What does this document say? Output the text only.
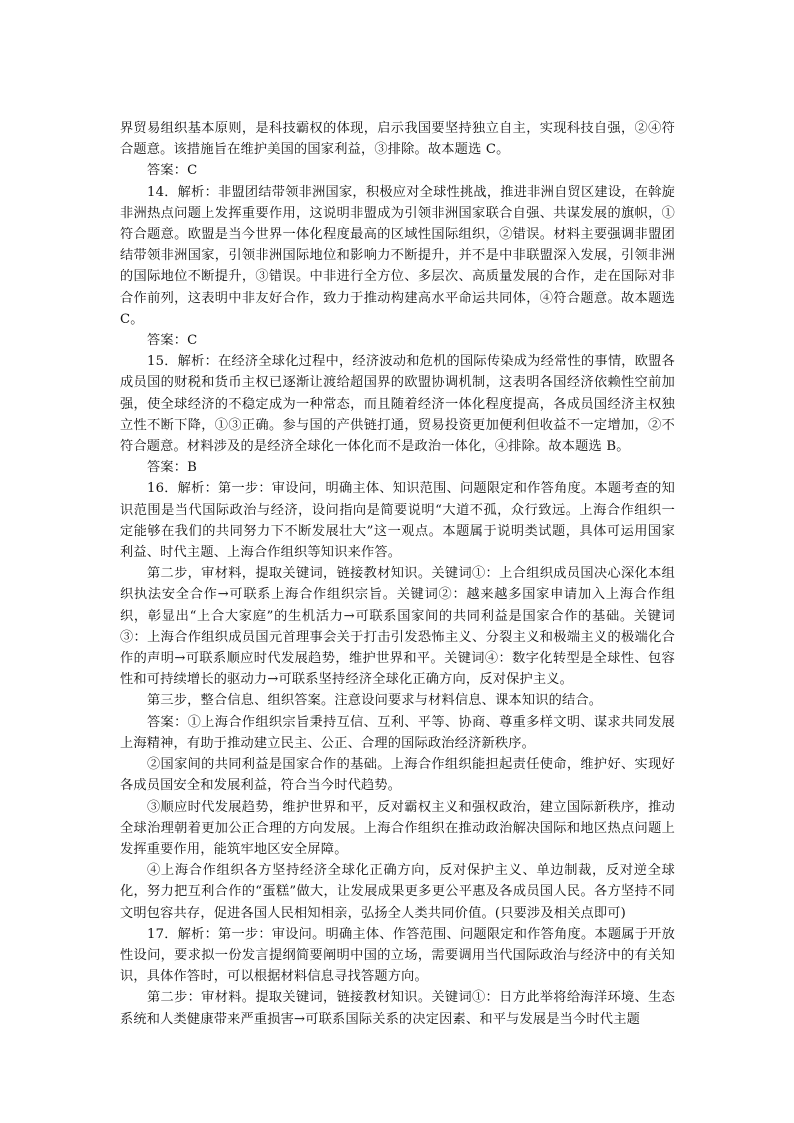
界贸易组织基本原则，是科技霸权的体现，启示我国要坚持独立自主，实现科技自强，②④符合题意。该措施旨在维护美国的国家利益，③排除。故本题选 C。

答案：C

14．解析：非盟团结带领非洲国家，积极应对全球性挑战，推进非洲自贸区建设，在斡旋非洲热点问题上发挥重要作用，这说明非盟成为引领非洲国家联合自强、共谋发展的旗帜，①符合题意。欧盟是当今世界一体化程度最高的区域性国际组织，②错误。材料主要强调非盟团结带领非洲国家，引领非洲国际地位和影响力不断提升，并不是中非联盟深入发展，引领非洲的国际地位不断提升，③错误。中非进行全方位、多层次、高质量发展的合作，走在国际对非合作前列，这表明中非友好合作，致力于推动构建高水平命运共同体，④符合题意。故本题选 C。

答案：C

15．解析：在经济全球化过程中，经济波动和危机的国际传染成为经常性的事情，欧盟各成员国的财税和货币主权已逐渐让渡给超国界的欧盟协调机制，这表明各国经济依赖性空前加强，使全球经济的不稳定成为一种常态，而且随着经济一体化程度提高，各成员国经济主权独立性不断下降，①③正确。参与国的产供链打通，贸易投资更加便利但收益不一定增加，②不符合题意。材料涉及的是经济全球化一体化而不是政治一体化，④排除。故本题选 B。

答案：B

16．解析：第一步：审设问，明确主体、知识范围、问题限定和作答角度。本题考查的知识范围是当代国际政治与经济，设问指向是简要说明“大道不孤，众行致远。上海合作组织一定能够在我们的共同努力下不断发展壮大”这一观点。本题属于说明类试题，具体可运用国家利益、时代主题、上海合作组织等知识来作答。

第二步，审材料，提取关键词，链接教材知识。关键词①：上合组织成员国决心深化本组织执法安全合作→可联系上海合作组织宗旨。关键词②：越来越多国家申请加入上海合作组织，彰显出“上合大家庭”的生机活力→可联系国家间的共同利益是国家合作的基础。关键词③：上海合作组织成员国元首理事会关于打击引发恐怖主义、分裂主义和极端主义的极端化合作的声明→可联系顺应时代发展趋势，维护世界和平。关键词④：数字化转型是全球性、包容性和可持续增长的驱动力→可联系坚持经济全球化正确方向，反对保护主义。

第三步，整合信息、组织答案。注意设问要求与材料信息、课本知识的结合。

答案：①上海合作组织宗旨秉持互信、互利、平等、协商、尊重多样文明、谋求共同发展上海精神，有助于推动建立民主、公正、合理的国际政治经济新秩序。

②国家间的共同利益是国家合作的基础。上海合作组织能担起责任使命，维护好、实现好各成员国安全和发展利益，符合当今时代趋势。

③顺应时代发展趋势，维护世界和平，反对霸权主义和强权政治，建立国际新秩序，推动全球治理朝着更加公正合理的方向发展。上海合作组织在推动政治解决国际和地区热点问题上发挥重要作用，能筑牢地区安全屏障。

④上海合作组织各方坚持经济全球化正确方向，反对保护主义、单边制裁，反对逆全球化，努力把互利合作的“蛋糕”做大，让发展成果更多更公平惠及各成员国人民。各方坚持不同文明包容共存，促进各国人民相知相亲，弘扬全人类共同价值。(只要涉及相关点即可)

17．解析：第一步：审设问。明确主体、作答范围、问题限定和作答角度。本题属于开放性设问，要求拟一份发言提纲简要阐明中国的立场，需要调用当代国际政治与经济中的有关知识，具体作答时，可以根据材料信息寻找答题方向。

第二步：审材料。提取关键词，链接教材知识。关键词①：日方此举将给海洋环境、生态系统和人类健康带来严重损害→可联系国际关系的决定因素、和平与发展是当今时代主题
